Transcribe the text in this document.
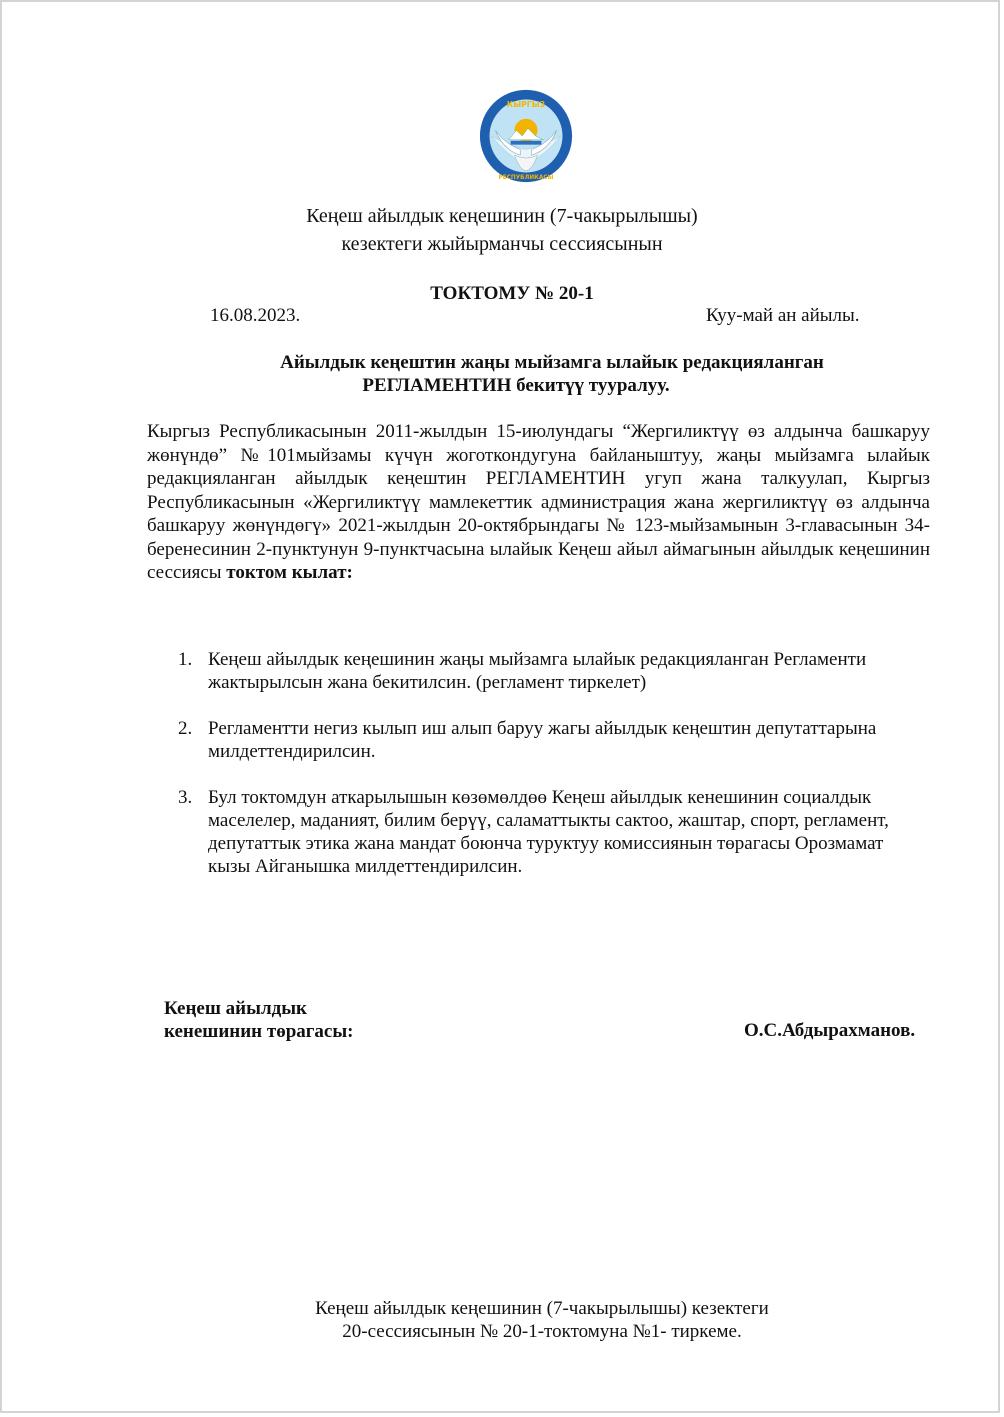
КЫРГЫЗ
РЕСПУБЛИКАСЫ
Кеңеш айылдык кеңешинин (7-чакырылышы)
кезектеги жыйырманчы сессиясынын
ТОКТОМУ № 20-1
16.08.2023.	Куу-май ан айылы.
Айылдык кеңештин жаңы мыйзамга ылайык редакцияланган
РЕГЛАМЕНТИН бекитүү тууралуу.
Кыргыз Республикасынын 2011-жылдын 15-июлундагы “Жергиликтүү өз алдынча башкаруу жөнүндө” №101мыйзамы күчүн жоготкондугуна байланыштуу, жаңы мыйзамга ылайык редакцияланган айылдык кеңештин РЕГЛАМЕНТИН угуп жана талкуулап, Кыргыз Республикасынын «Жергиликтүү мамлекеттик администрация жана жергиликтүү өз алдынча башкаруу жөнүндөгү» 2021-жылдын 20-октябрындагы № 123-мыйзамынын 3-главасынын 34-беренесинин 2-пунктунун 9-пунктчасына ылайык Кеңеш айыл аймагынын айылдык кеңешинин сессиясы токтом кылат:
1. Кеңеш айылдык кеңешинин жаңы мыйзамга ылайык редакцияланган Регламенти жактырылсын жана бекитилсин. (регламент тиркелет)
2. Регламентти негиз кылып иш алып баруу жагы айылдык кеңештин депутаттарына милдеттендирилсин.
3. Бул токтомдун аткарылышын көзөмөлдөө Кеңеш айылдык кенешинин социалдык маселелер, маданият, билим берүү, саламаттыкты сактоо, жаштар, спорт, регламент, депутаттык этика жана мандат боюнча туруктуу комиссиянын төрагасы Орозмамат кызы Айганышка милдеттендирилсин.
Кеңеш айылдык
кенешинин төрагасы:	О.С.Абдырахманов.
Кеңеш айылдык кеңешинин (7-чакырылышы) кезектеги
20-сессиясынын № 20-1-токтомуна №1- тиркеме.
